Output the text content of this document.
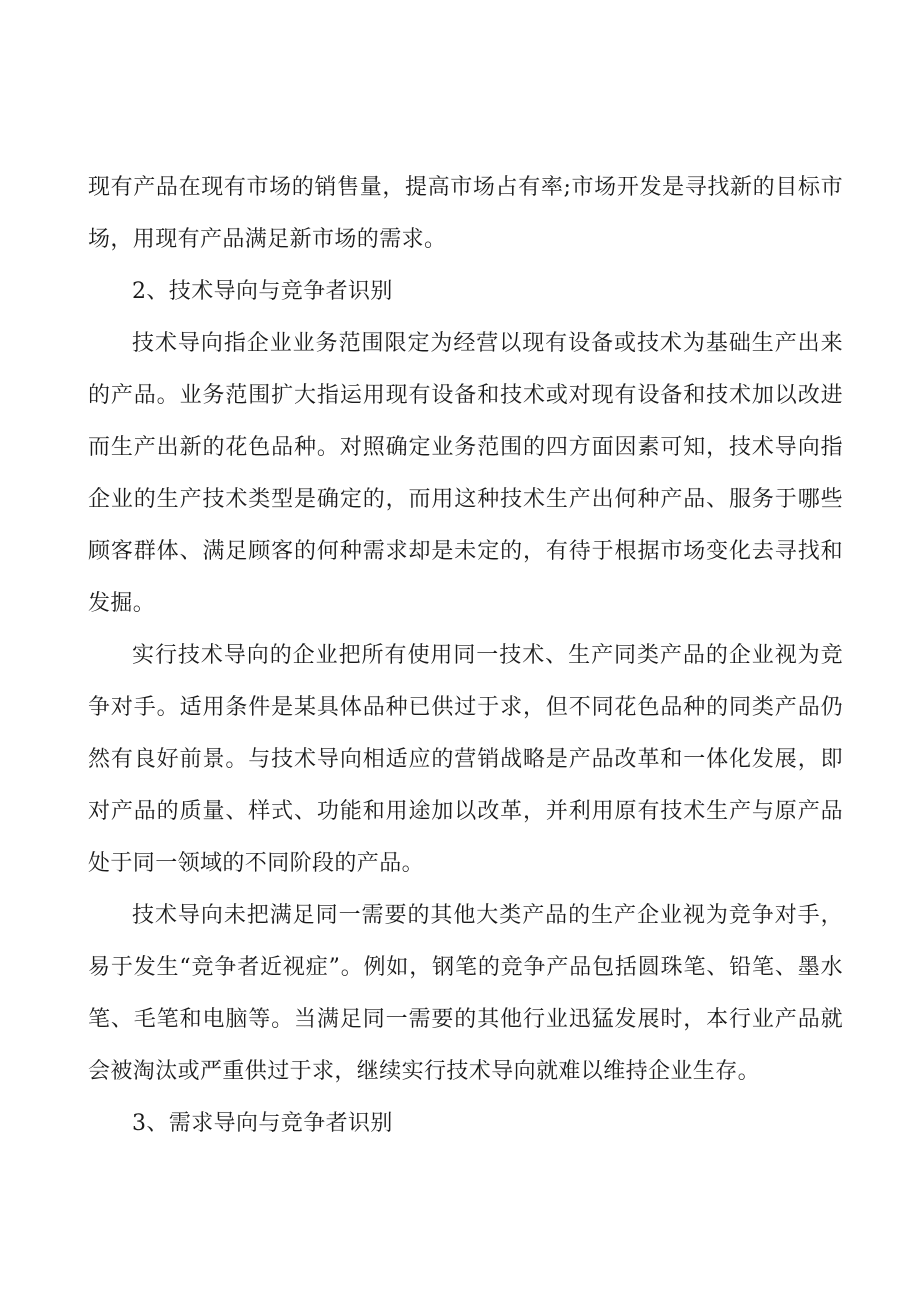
现有产品在现有市场的销售量，提高市场占有率;市场开发是寻找新的目标市场，用现有产品满足新市场的需求。

2、技术导向与竞争者识别

技术导向指企业业务范围限定为经营以现有设备或技术为基础生产出来的产品。业务范围扩大指运用现有设备和技术或对现有设备和技术加以改进而生产出新的花色品种。对照确定业务范围的四方面因素可知，技术导向指企业的生产技术类型是确定的，而用这种技术生产出何种产品、服务于哪些顾客群体、满足顾客的何种需求却是未定的，有待于根据市场变化去寻找和发掘。

实行技术导向的企业把所有使用同一技术、生产同类产品的企业视为竞争对手。适用条件是某具体品种已供过于求，但不同花色品种的同类产品仍然有良好前景。与技术导向相适应的营销战略是产品改革和一体化发展，即对产品的质量、样式、功能和用途加以改革，并利用原有技术生产与原产品处于同一领域的不同阶段的产品。

技术导向未把满足同一需要的其他大类产品的生产企业视为竞争对手，易于发生“竞争者近视症”。例如，钢笔的竞争产品包括圆珠笔、铅笔、墨水笔、毛笔和电脑等。当满足同一需要的其他行业迅猛发展时，本行业产品就会被淘汰或严重供过于求，继续实行技术导向就难以维持企业生存。

3、需求导向与竞争者识别
